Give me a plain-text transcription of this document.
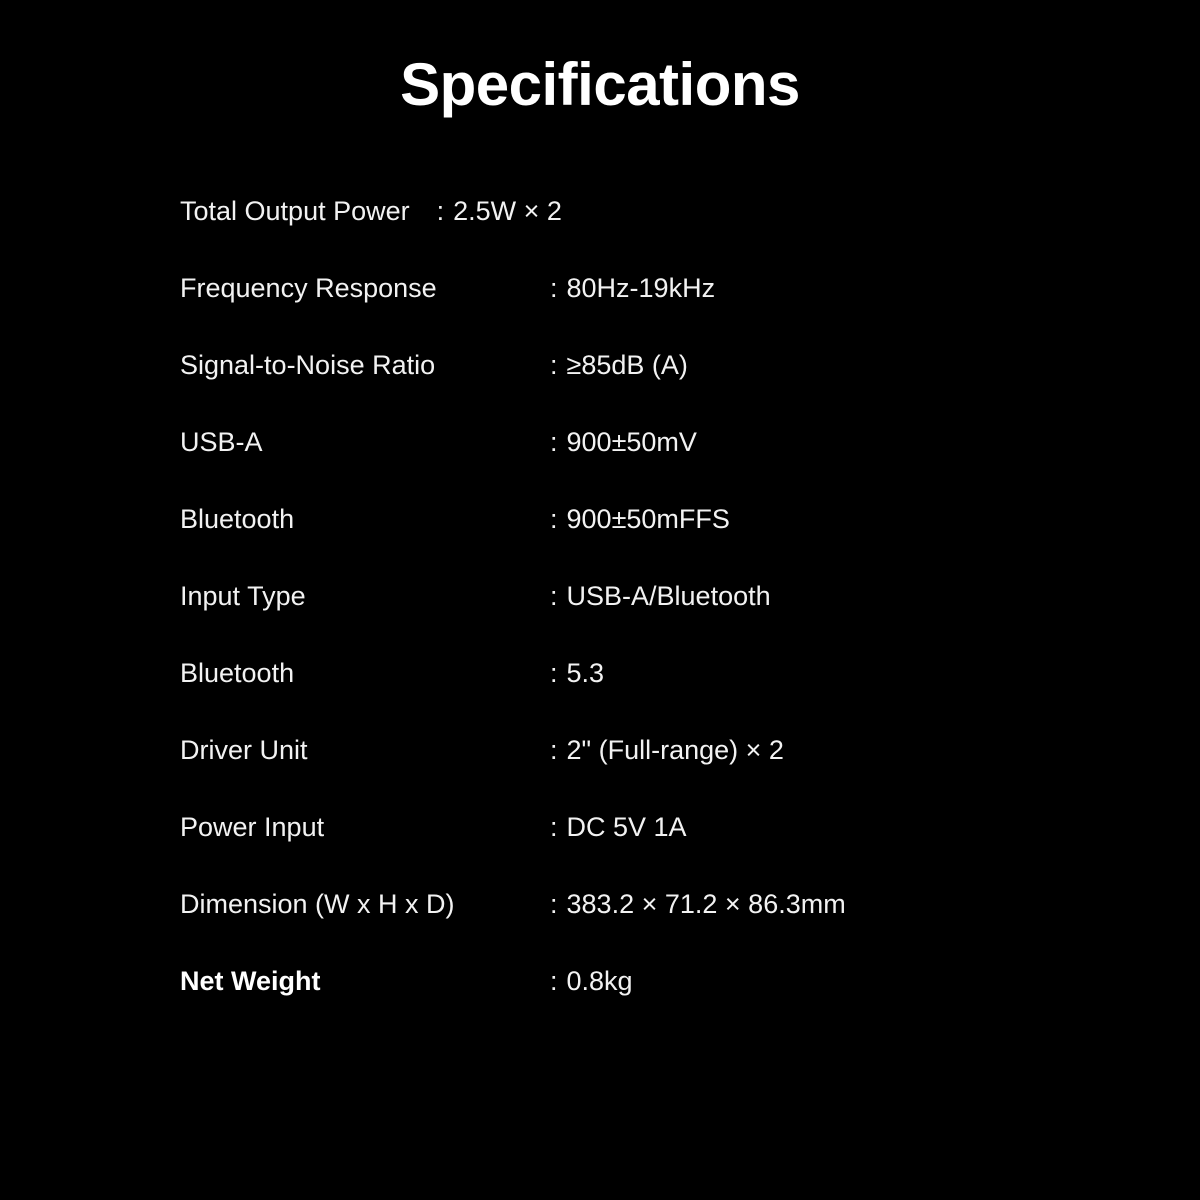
Specifications
Total Output Power : 2.5W × 2
Frequency Response	: 80Hz-19kHz
Signal-to-Noise Ratio	: ≥85dB (A)
USB-A	: 900±50mV
Bluetooth	: 900±50mFFS
Input Type	: USB-A/Bluetooth
Bluetooth	: 5.3
Driver Unit	: 2" (Full-range) × 2
Power Input	: DC 5V 1A
Dimension (W x H x D)	: 383.2 × 71.2 × 86.3mm
Net Weight	: 0.8kg
